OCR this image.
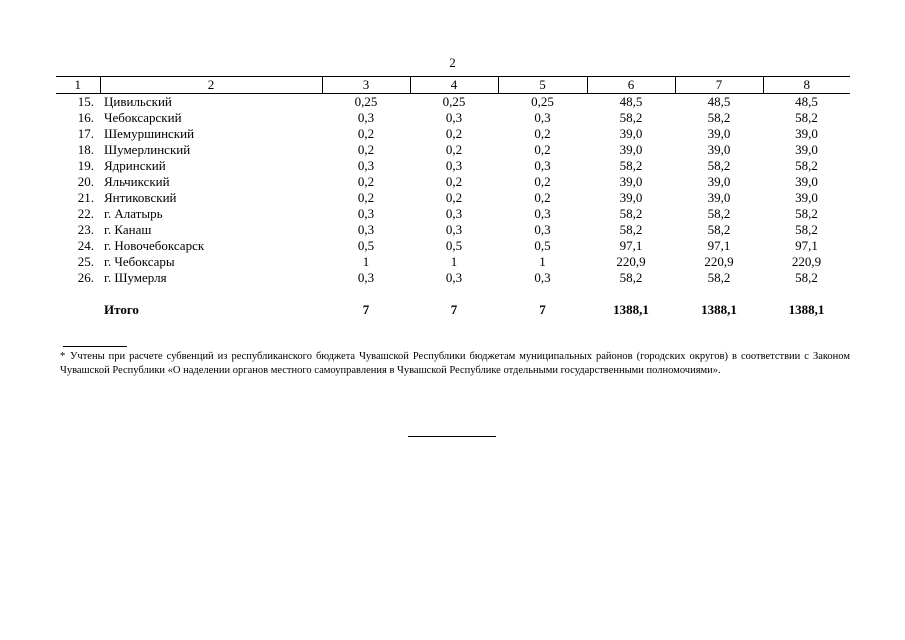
2
1	2	3	4	5	6	7	8
15.	Цивильский	0,25	0,25	0,25	48,5	48,5	48,5
16.	Чебоксарский	0,3	0,3	0,3	58,2	58,2	58,2
17.	Шемуршинский	0,2	0,2	0,2	39,0	39,0	39,0
18.	Шумерлинский	0,2	0,2	0,2	39,0	39,0	39,0
19.	Ядринский	0,3	0,3	0,3	58,2	58,2	58,2
20.	Яльчикский	0,2	0,2	0,2	39,0	39,0	39,0
21.	Янтиковский	0,2	0,2	0,2	39,0	39,0	39,0
22.	г. Алатырь	0,3	0,3	0,3	58,2	58,2	58,2
23.	г. Канаш	0,3	0,3	0,3	58,2	58,2	58,2
24.	г. Новочебоксарск	0,5	0,5	0,5	97,1	97,1	97,1
25.	г. Чебоксары	1	1	1	220,9	220,9	220,9
26.	г. Шумерля	0,3	0,3	0,3	58,2	58,2	58,2

	Итого	7	7	7	1388,1	1388,1	1388,1
* Учтены при расчете субвенций из республиканского бюджета Чувашской Республики бюджетам муниципальных районов (городских округов) в соответствии с Законом Чувашской Республики «О наделении органов местного самоуправления в Чувашской Республике отдельными государственными полномочиями».
